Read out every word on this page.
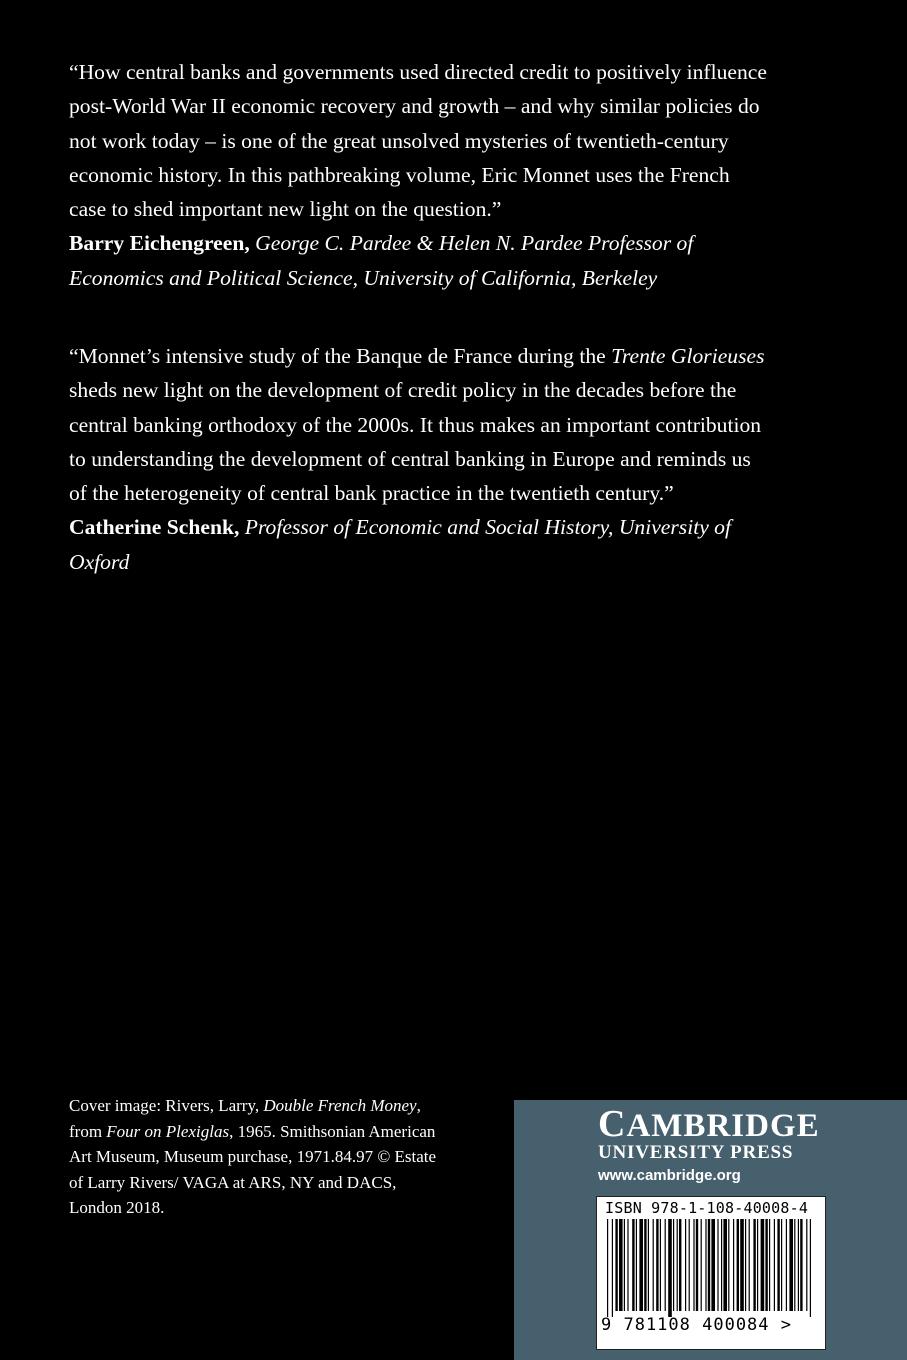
“How central banks and governments used directed credit to positively influence post-World War II economic recovery and growth – and why similar policies do not work today – is one of the great unsolved mysteries of twentieth-century economic history. In this pathbreaking volume, Eric Monnet uses the French case to shed important new light on the question.”
Barry Eichengreen, George C. Pardee & Helen N. Pardee Professor of Economics and Political Science, University of California, Berkeley
“Monnet’s intensive study of the Banque de France during the Trente Glorieuses sheds new light on the development of credit policy in the decades before the central banking orthodoxy of the 2000s. It thus makes an important contribution to understanding the development of central banking in Europe and reminds us of the heterogeneity of central bank practice in the twentieth century.”
Catherine Schenk, Professor of Economic and Social History, University of Oxford
Cover image: Rivers, Larry, Double French Money, from Four on Plexiglas, 1965. Smithsonian American Art Museum, Museum purchase, 1971.84.97 © Estate of Larry Rivers/ VAGA at ARS, NY and DACS, London 2018.
CAMBRIDGE
UNIVERSITY PRESS
www.cambridge.org
ISBN 978-1-108-40008-4
9 781108 400084 >
